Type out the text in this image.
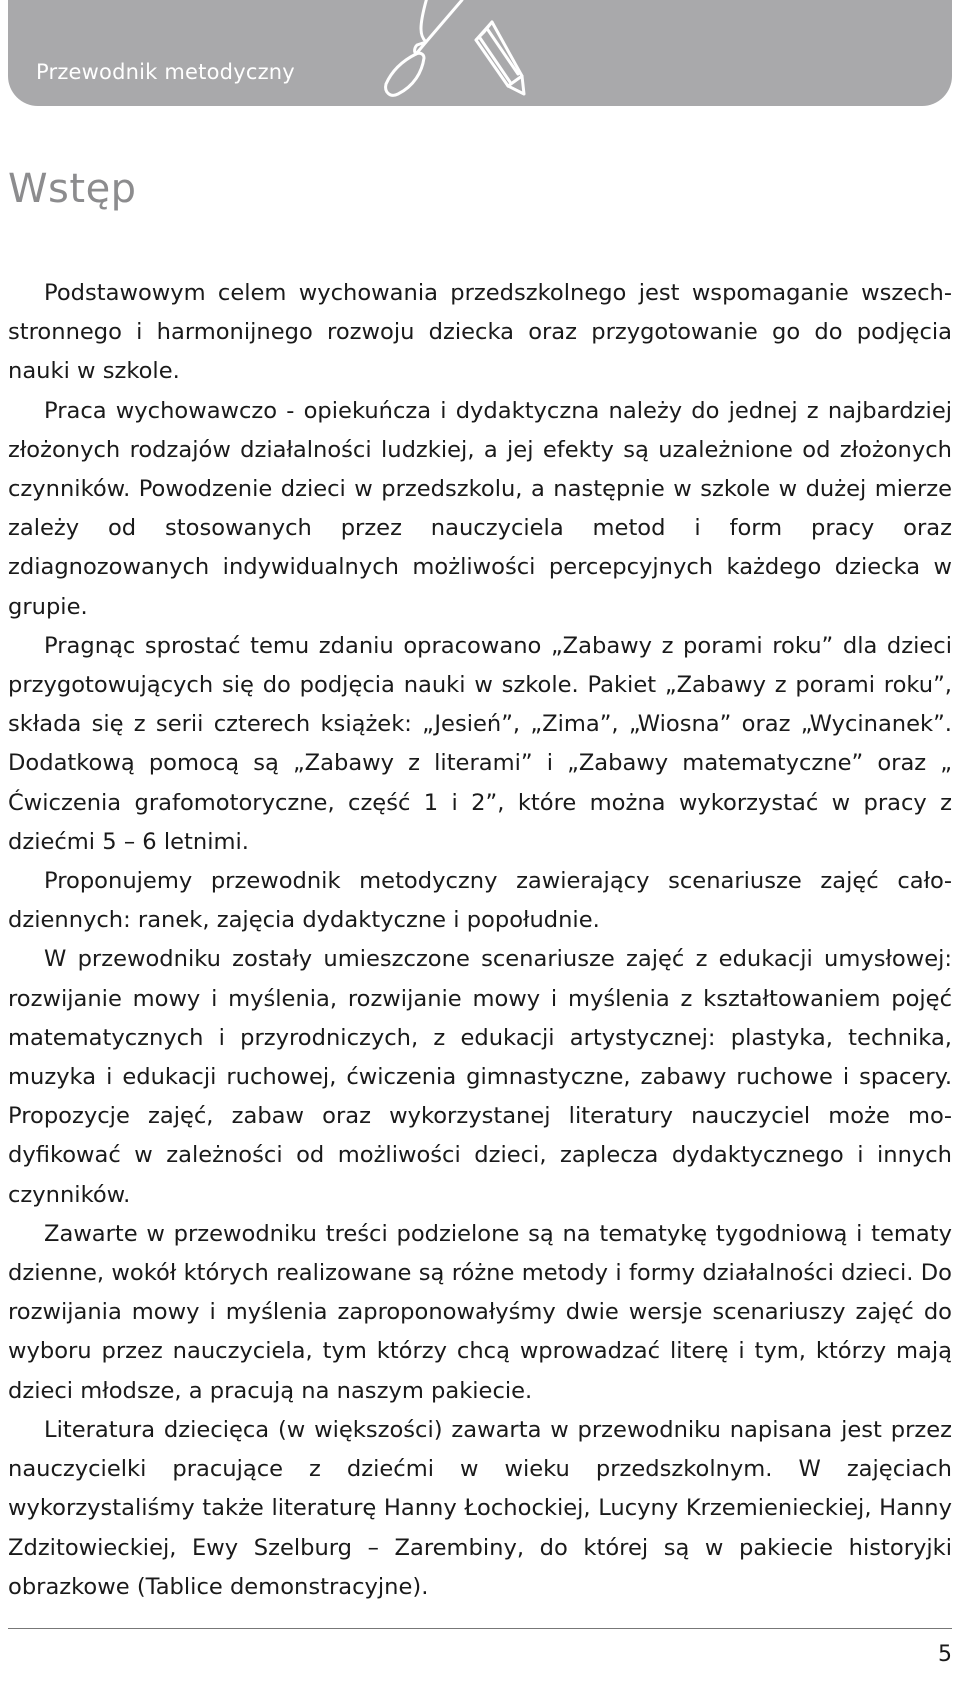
Przewodnik metodyczny
Wstęp

Podstawowym celem wychowania przedszkolnego jest wspomaganie wszechstronnego i harmonijnego rozwoju dziecka oraz przygotowanie go do podjęcia nauki w szkole.

Praca wychowawczo - opiekuńcza i dydaktyczna należy do jednej z najbardziej złożonych rodzajów działalności ludzkiej, a jej efekty są uzależnione od złożonych czynników. Powodzenie dzieci w przedszkolu, a następnie w szkole w dużej mierze zależy od stosowanych przez nauczyciela metod i form pracy oraz zdiagnozowanych indywidualnych możliwości percepcyjnych każdego dziecka w grupie.

Pragnąc sprostać temu zdaniu opracowano „Zabawy z porami roku” dla dzieci przygotowujących się do podjęcia nauki w szkole. Pakiet „Zabawy z porami roku”, składa się z serii czterech książek: „Jesień”, „Zima”, „Wiosna” oraz „Wycinanek”. Dodatkową pomocą są „Zabawy z literami” i „Zabawy matematyczne” oraz „ Ćwiczenia grafomotoryczne, część 1 i 2”, które można wykorzystać w pracy z dziećmi 5 – 6 letnimi.

Proponujemy przewodnik metodyczny zawierający scenariusze zajęć całodziennych: ranek, zajęcia dydaktyczne i popołudnie.

W przewodniku zostały umieszczone scenariusze zajęć z edukacji umysłowej: rozwijanie mowy i myślenia, rozwijanie mowy i myślenia z kształtowaniem pojęć matematycznych i przyrodniczych, z edukacji artystycznej: plastyka, technika, muzyka i edukacji ruchowej, ćwiczenia gimnastyczne, zabawy ruchowe i spacery. Propozycje zajęć, zabaw oraz wykorzystanej literatury nauczyciel może modyfikować w zależności od możliwości dzieci, zaplecza dydaktycznego i innych czynników.

Zawarte w przewodniku treści podzielone są na tematykę tygodniową i tematy dzienne, wokół których realizowane są różne metody i formy działalności dzieci. Do rozwijania mowy i myślenia zaproponowałyśmy dwie wersje scenariuszy zajęć do wyboru przez nauczyciela, tym którzy chcą wprowadzać literę i tym, którzy mają dzieci młodsze, a pracują na naszym pakiecie.

Literatura dziecięca (w większości) zawarta w przewodniku napisana jest przez nauczycielki pracujące z dziećmi w wieku przedszkolnym. W zajęciach wykorzystaliśmy także literaturę Hanny Łochockiej, Lucyny Krzemienieckiej, Hanny Zdzitowieckiej, Ewy Szelburg – Zarembiny, do której są w pakiecie historyjki obrazkowe (Tablice demonstracyjne).

5
